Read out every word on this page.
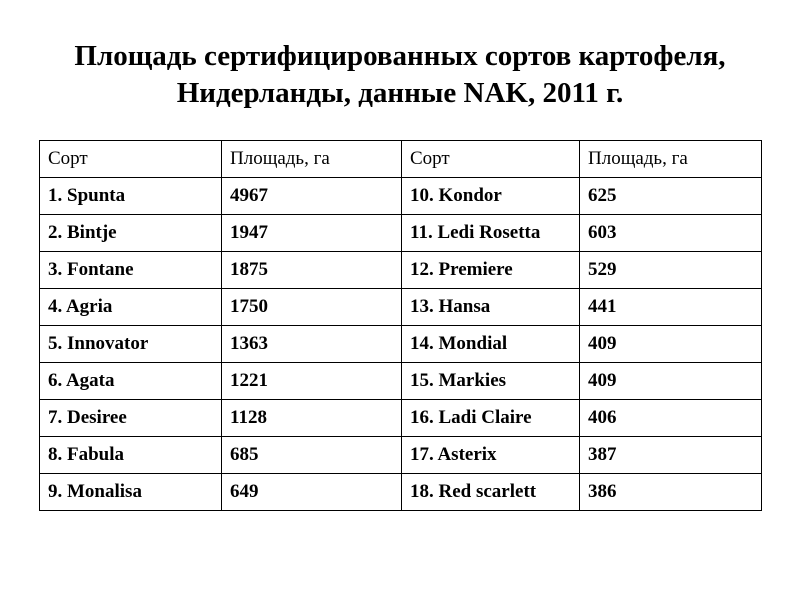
Площадь сертифицированных сортов картофеля,
Нидерланды, данные NAK, 2011 г.
Сорт	Площадь, га	Сорт	Площадь, га
1. Spunta	4967	10. Kondor	625
2. Bintje	1947	11. Ledi Rosetta	603
3. Fontane	1875	12. Premiere	529
4. Agria	1750	13. Hansa	441
5. Innovator	1363	14. Mondial	409
6. Agata	1221	15. Markies	409
7. Desiree	1128	16. Ladi Claire	406
8. Fabula	685	17. Asterix	387
9. Monalisa	649	18. Red scarlett	386
